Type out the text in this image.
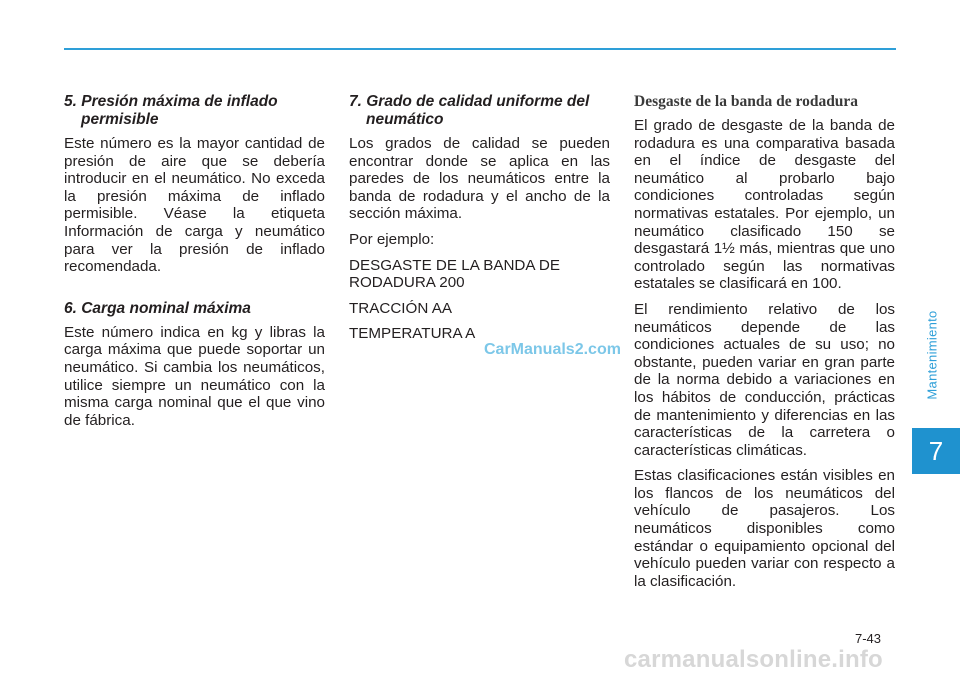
Mantenimiento
7
5. Presión máxima de inflado permisible

Este número es la mayor cantidad de presión de aire que se debería introducir en el neumático. No exceda la presión máxima de inflado permisible. Véase la etiqueta Información de carga y neumático para ver la presión de inflado recomendada.

6. Carga nominal máxima

Este número indica en kg y libras la carga máxima que puede soportar un neumático. Si cambia los neumáticos, utilice siempre un neumático con la misma carga nominal que el que vino de fábrica.

7. Grado de calidad uniforme del neumático

Los grados de calidad se pueden encontrar donde se aplica en las paredes de los neumáticos entre la banda de rodadura y el ancho de la sección máxima.

Por ejemplo:

DESGASTE DE LA BANDA DE RODADURA 200

TRACCIÓN AA

TEMPERATURA A

Desgaste de la banda de rodadura

El grado de desgaste de la banda de rodadura es una comparativa basada en el índice de desgaste del neumático al probarlo bajo condiciones controladas según normativas estatales. Por ejemplo, un neumático clasificado 150 se desgastará 1½ más, mientras que uno controlado según las normativas estatales se clasificará en 100.

El rendimiento relativo de los neumáticos depende de las condiciones actuales de su uso; no obstante, pueden variar en gran parte de la norma debido a variaciones en los hábitos de conducción, prácticas de mantenimiento y diferencias en las características de la carretera o características climáticas.

Estas clasificaciones están visibles en los flancos de los neumáticos del vehículo de pasajeros. Los neumáticos disponibles como estándar o equipamiento opcional del vehículo pueden variar con respecto a la clasificación.

CarManuals2.com
7-43
carmanualsonline.info
